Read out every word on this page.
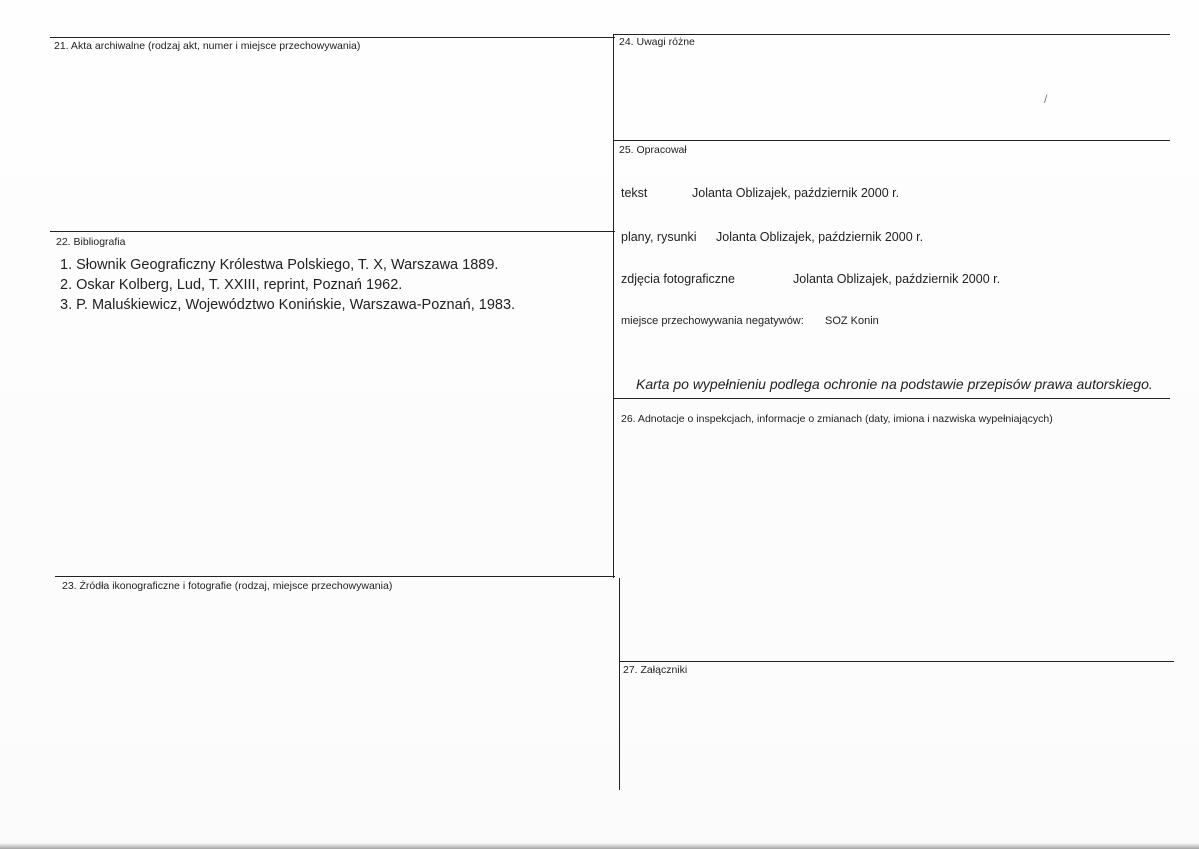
21. Akta archiwalne (rodzaj akt, numer i miejsce przechowywania)
22. Bibliografia
23. Źródła ikonograficzne i fotografie (rodzaj, miejsce przechowywania)
24. Uwagi różne
25. Opracował
26. Adnotacje o inspekcjach, informacje o zmianach (daty, imiona i nazwiska wypełniających)
27. Załączniki
1. Słownik Geograficzny Królestwa Polskiego, T. X, Warszawa 1889.
2. Oskar Kolberg, Lud, T. XXIII, reprint, Poznań 1962.
3. P. Maluśkiewicz, Województwo Konińskie, Warszawa-Poznań, 1983.
tekst	Jolanta Oblizajek, październik 2000 r.
plany, rysunki Jolanta Oblizajek, październik 2000 r.
zdjęcia fotograficzne	Jolanta Oblizajek, październik 2000 r.
miejsce przechowywania negatywów: SOZ Konin
Karta po wypełnieniu podlega ochronie na podstawie przepisów prawa autorskiego.
/
